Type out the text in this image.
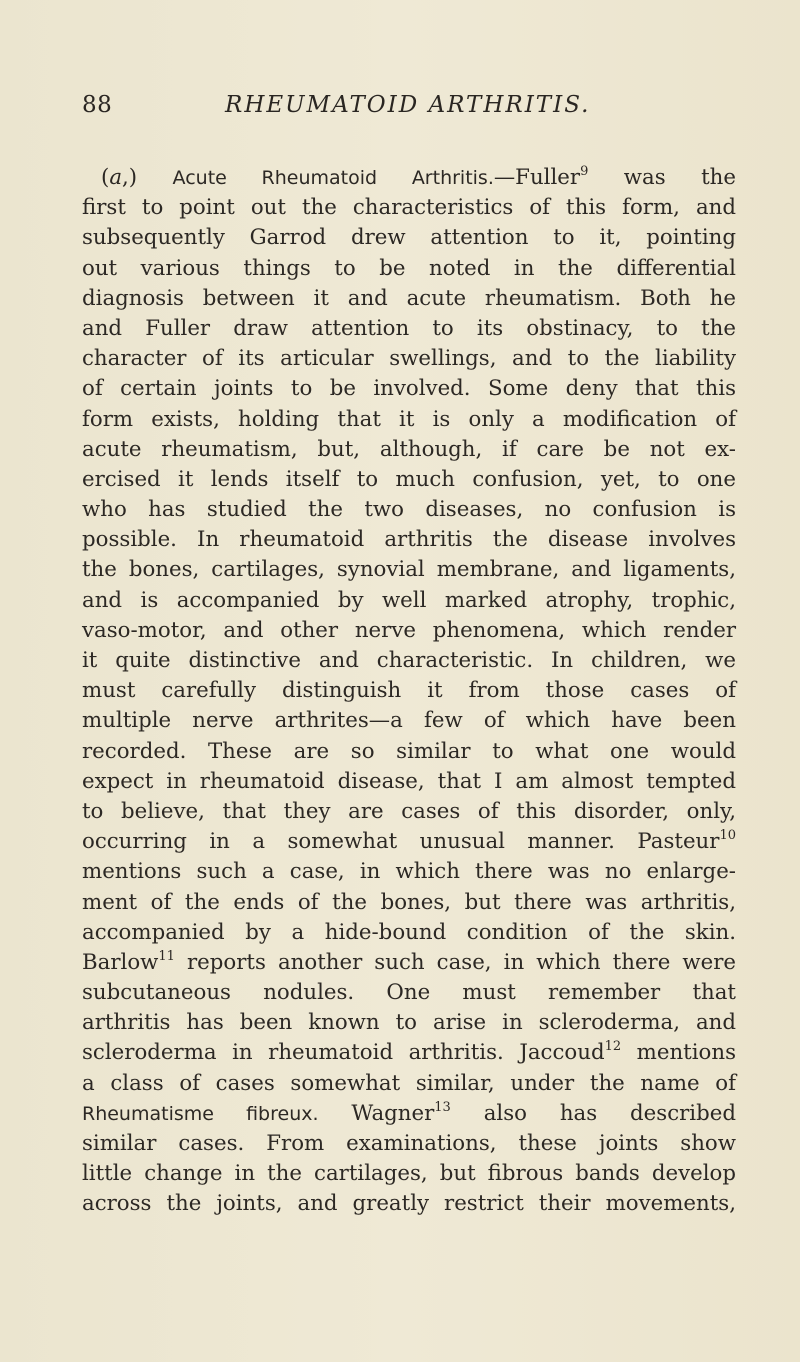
88	RHEUMATOID ARTHRITIS.
(a,) Acute Rheumatoid Arthritis.—Fuller$^9$ was the
first to point out the characteristics of this form, and
subsequently Garrod drew attention to it, pointing
out various things to be noted in the differential
diagnosis between it and acute rheumatism. Both he
and Fuller draw attention to its obstinacy, to the
character of its articular swellings, and to the liability
of certain joints to be involved. Some deny that this
form exists, holding that it is only a modification of
acute rheumatism, but, although, if care be not ex-
ercised it lends itself to much confusion, yet, to one
who has studied the two diseases, no confusion is
possible. In rheumatoid arthritis the disease involves
the bones, cartilages, synovial membrane, and ligaments,
and is accompanied by well marked atrophy, trophic,
vaso-motor, and other nerve phenomena, which render
it quite distinctive and characteristic. In children, we
must carefully distinguish it from those cases of
multiple nerve arthrites—a few of which have been
recorded. These are so similar to what one would
expect in rheumatoid disease, that I am almost tempted
to believe, that they are cases of this disorder, only,
occurring in a somewhat unusual manner. Pasteur$^{10}$
mentions such a case, in which there was no enlarge-
ment of the ends of the bones, but there was arthritis,
accompanied by a hide-bound condition of the skin.
Barlow$^{11}$ reports another such case, in which there were
subcutaneous nodules. One must remember that
arthritis has been known to arise in scleroderma, and
scleroderma in rheumatoid arthritis. Jaccoud$^{12}$ mentions
a class of cases somewhat similar, under the name of
Rheumatisme fibreux. Wagner$^{13}$ also has described
similar cases. From examinations, these joints show
little change in the cartilages, but fibrous bands develop
across the joints, and greatly restrict their movements,
